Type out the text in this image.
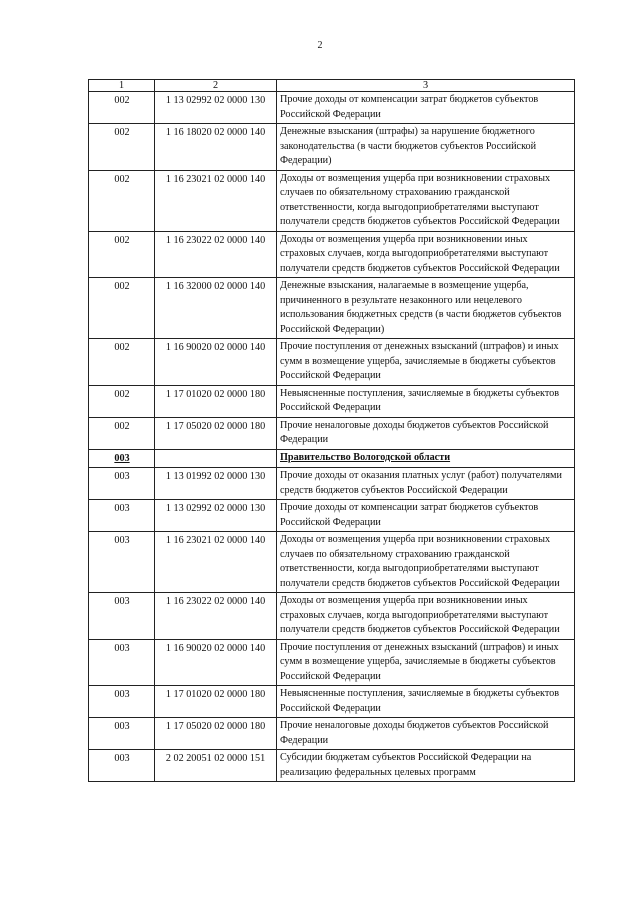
2
1	2	3
002	1 13 02992 02 0000 130	Прочие доходы от компенсации затрат бюджетов субъектов Российской Федерации
002	1 16 18020 02 0000 140	Денежные взыскания (штрафы) за нарушение бюджетного законодательства (в части бюджетов субъектов Российской Федерации)
002	1 16 23021 02 0000 140	Доходы от возмещения ущерба при возникновении страховых случаев по обязательному страхованию гражданской ответственности, когда выгодоприобретателями выступают получатели средств бюджетов субъектов Российской Федерации
002	1 16 23022 02 0000 140	Доходы от возмещения ущерба при возникновении иных страховых случаев, когда выгодоприобретателями выступают получатели средств бюджетов субъектов Российской Федерации
002	1 16 32000 02 0000 140	Денежные взыскания, налагаемые в возмещение ущерба, причиненного в результате незаконного или нецелевого использования бюджетных средств (в части бюджетов субъектов Российской Федерации)
002	1 16 90020 02 0000 140	Прочие поступления от денежных взысканий (штрафов) и иных сумм в возмещение ущерба, зачисляемые в бюджеты субъектов Российской Федерации
002	1 17 01020 02 0000 180	Невыясненные поступления, зачисляемые в бюджеты субъектов Российской Федерации
002	1 17 05020 02 0000 180	Прочие неналоговые доходы бюджетов субъектов Российской Федерации
003		Правительство Вологодской области
003	1 13 01992 02 0000 130	Прочие доходы от оказания платных услуг (работ) получателями средств бюджетов субъектов Российской Федерации
003	1 13 02992 02 0000 130	Прочие доходы от компенсации затрат бюджетов субъектов Российской Федерации
003	1 16 23021 02 0000 140	Доходы от возмещения ущерба при возникновении страховых случаев по обязательному страхованию гражданской ответственности, когда выгодоприобретателями выступают получатели средств бюджетов субъектов Российской Федерации
003	1 16 23022 02 0000 140	Доходы от возмещения ущерба при возникновении иных страховых случаев, когда выгодоприобретателями выступают получатели средств бюджетов субъектов Российской Федерации
003	1 16 90020 02 0000 140	Прочие поступления от денежных взысканий (штрафов) и иных сумм в возмещение ущерба, зачисляемые в бюджеты субъектов Российской Федерации
003	1 17 01020 02 0000 180	Невыясненные поступления, зачисляемые в бюджеты субъектов Российской Федерации
003	1 17 05020 02 0000 180	Прочие неналоговые доходы бюджетов субъектов Российской Федерации
003	2 02 20051 02 0000 151	Субсидии бюджетам субъектов Российской Федерации на реализацию федеральных целевых программ
